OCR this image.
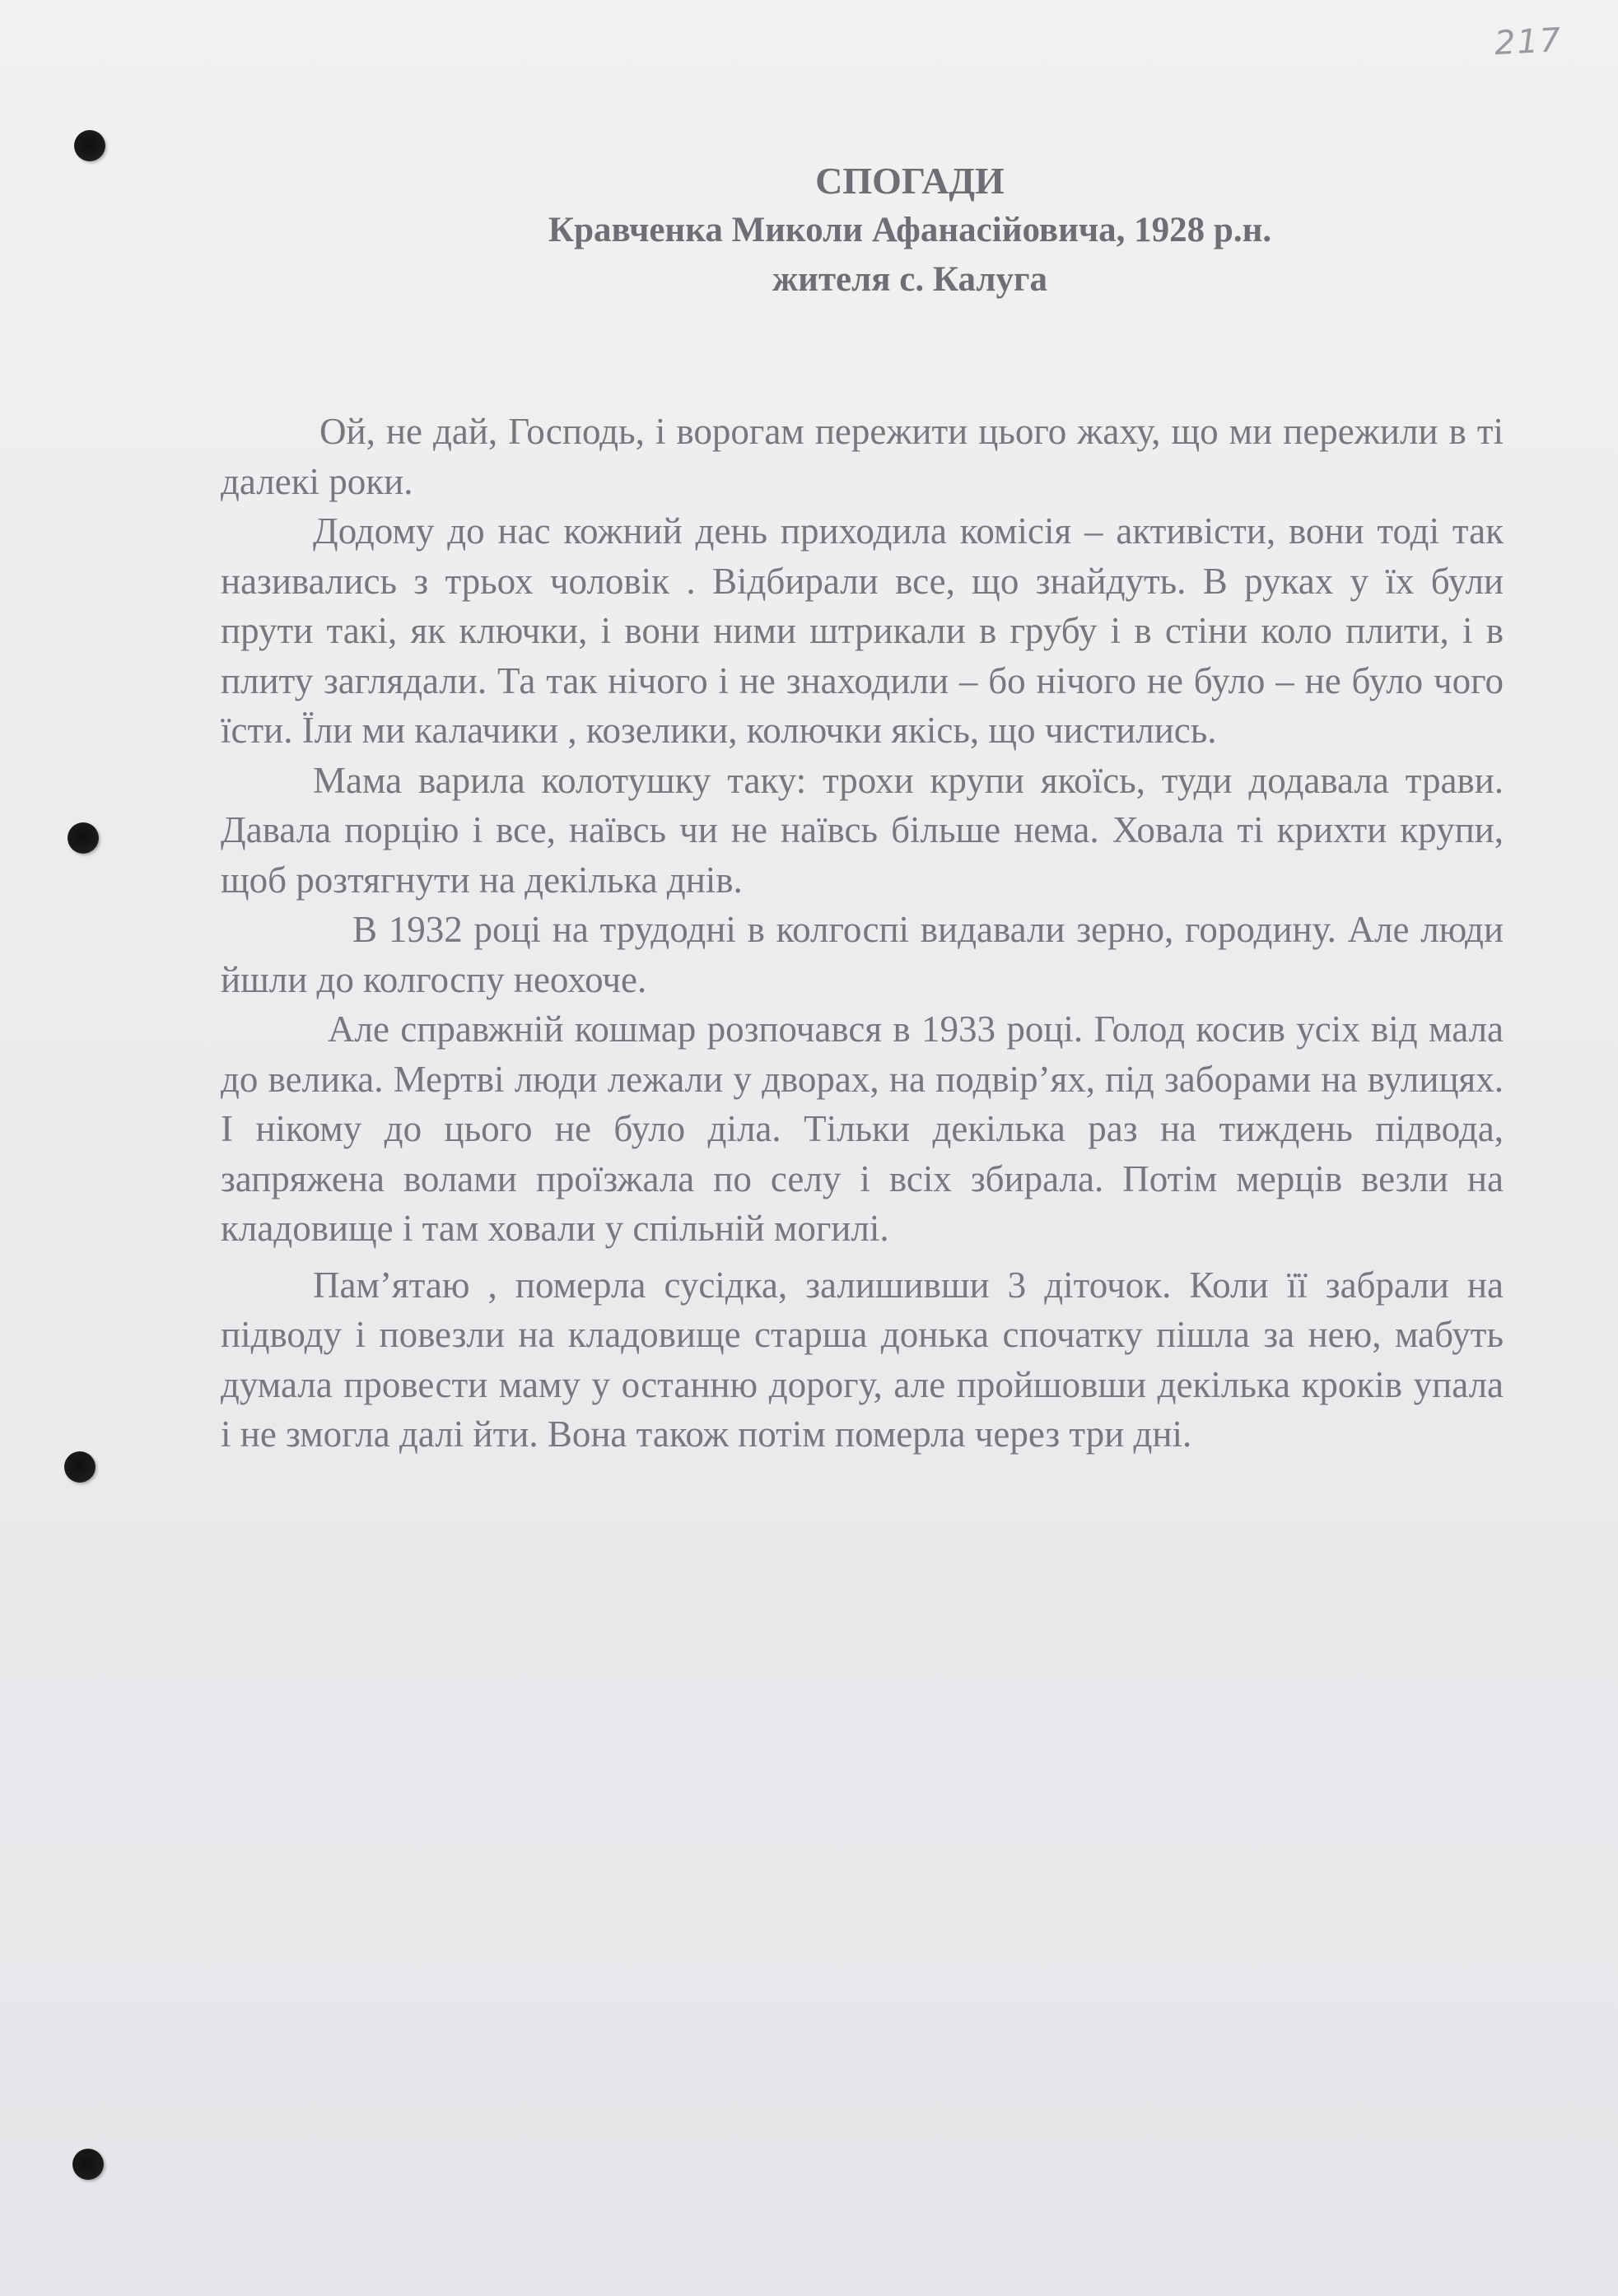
217
СПОГАДИ
Кравченка Миколи Афанасійовича, 1928 р.н.
жителя с. Калуга

Ой, не дай, Господь, і ворогам пережити цього жаху, що ми пережили в ті далекі роки.

Додому до нас кожний день приходила комісія – активісти, вони тоді так називались з трьох чоловік . Відбирали все, що знайдуть. В руках у їх були прути такі, як ключки, і вони ними штрикали в грубу і в стіни коло плити, і в плиту заглядали. Та так нічого і не знаходили – бо нічого не було – не було чого їсти. Їли ми калачики , козелики, колючки якісь, що чистились.

Мама варила колотушку таку: трохи крупи якоїсь, туди додавала трави. Давала порцію і все, наївсь чи не наївсь більше нема. Ховала ті крихти крупи, щоб розтягнути на декілька днів.

В 1932 році на трудодні в колгоспі видавали зерно, городину. Але люди йшли до колгоспу неохоче.

Але справжній кошмар розпочався в 1933 році. Голод косив усіх від мала до велика. Мертві люди лежали у дворах, на подвір’ях, під заборами на вулицях. І нікому до цього не було діла. Тільки декілька раз на тиждень підвода, запряжена волами проїзжала по селу і всіх збирала. Потім мерців везли на кладовище і там ховали у спільній могилі.

Пам’ятаю , померла сусідка, залишивши 3 діточок. Коли її забрали на підводу і повезли на кладовище старша донька спочатку пішла за нею, мабуть думала провести маму у останню дорогу, але пройшовши декілька кроків упала і не змогла далі йти. Вона також потім померла через три дні.
